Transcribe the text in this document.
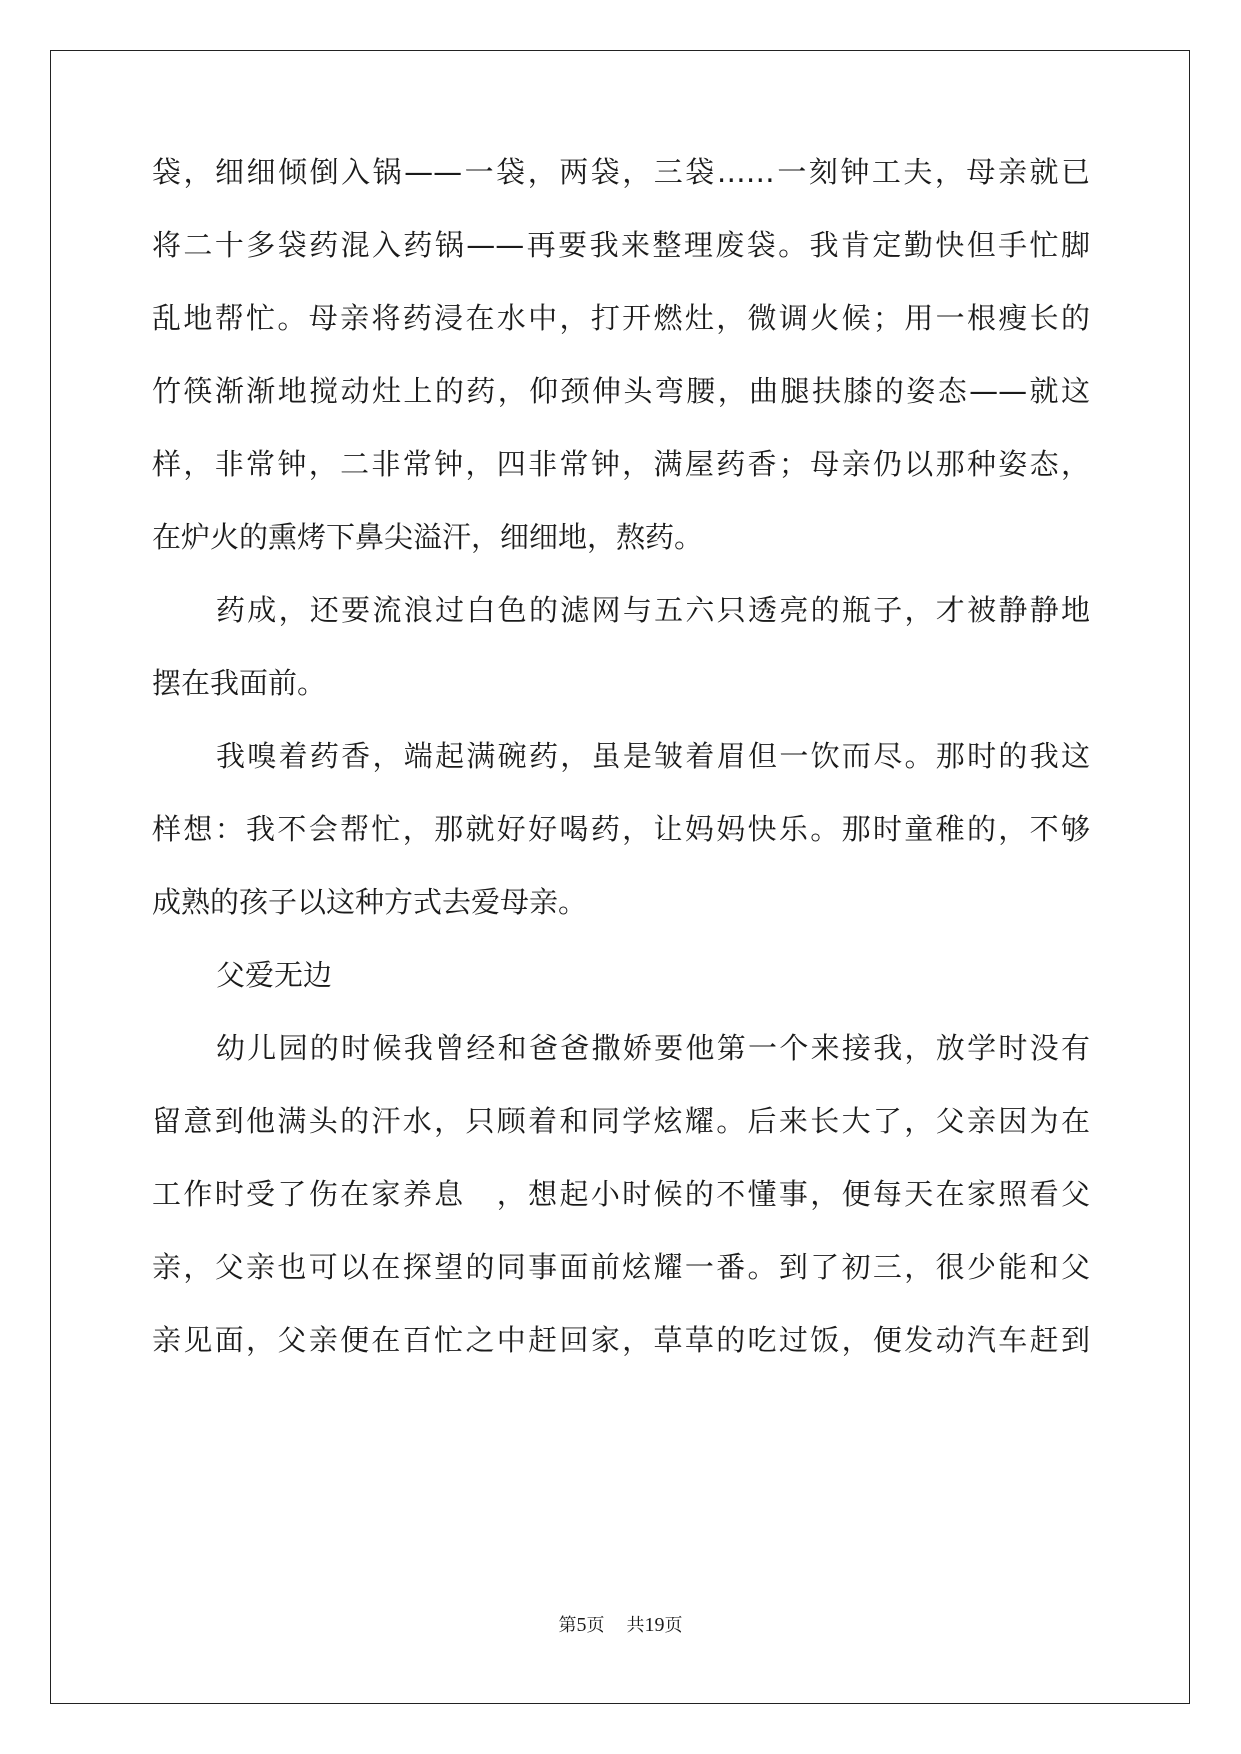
袋，细细倾倒入锅——一袋，两袋，三袋……一刻钟工夫，母亲就已
将二十多袋药混入药锅——再要我来整理废袋。我肯定勤快但手忙脚
乱地帮忙。母亲将药浸在水中，打开燃灶，微调火候；用一根瘦长的
竹筷渐渐地搅动灶上的药，仰颈伸头弯腰，曲腿扶膝的姿态——就这
样，非常钟，二非常钟，四非常钟，满屋药香；母亲仍以那种姿态，
在炉火的熏烤下鼻尖溢汗，细细地，熬药。
药成，还要流浪过白色的滤网与五六只透亮的瓶子，才被静静地
摆在我面前。
我嗅着药香，端起满碗药，虽是皱着眉但一饮而尽。那时的我这
样想：我不会帮忙，那就好好喝药，让妈妈快乐。那时童稚的，不够
成熟的孩子以这种方式去爱母亲。
父爱无边
幼儿园的时候我曾经和爸爸撒娇要他第一个来接我，放学时没有
留意到他满头的汗水，只顾着和同学炫耀。后来长大了，父亲因为在
工作时受了伤在家养息　，想起小时候的不懂事，便每天在家照看父
亲，父亲也可以在探望的同事面前炫耀一番。到了初三，很少能和父
亲见面，父亲便在百忙之中赶回家，草草的吃过饭，便发动汽车赶到
第5页 共19页
